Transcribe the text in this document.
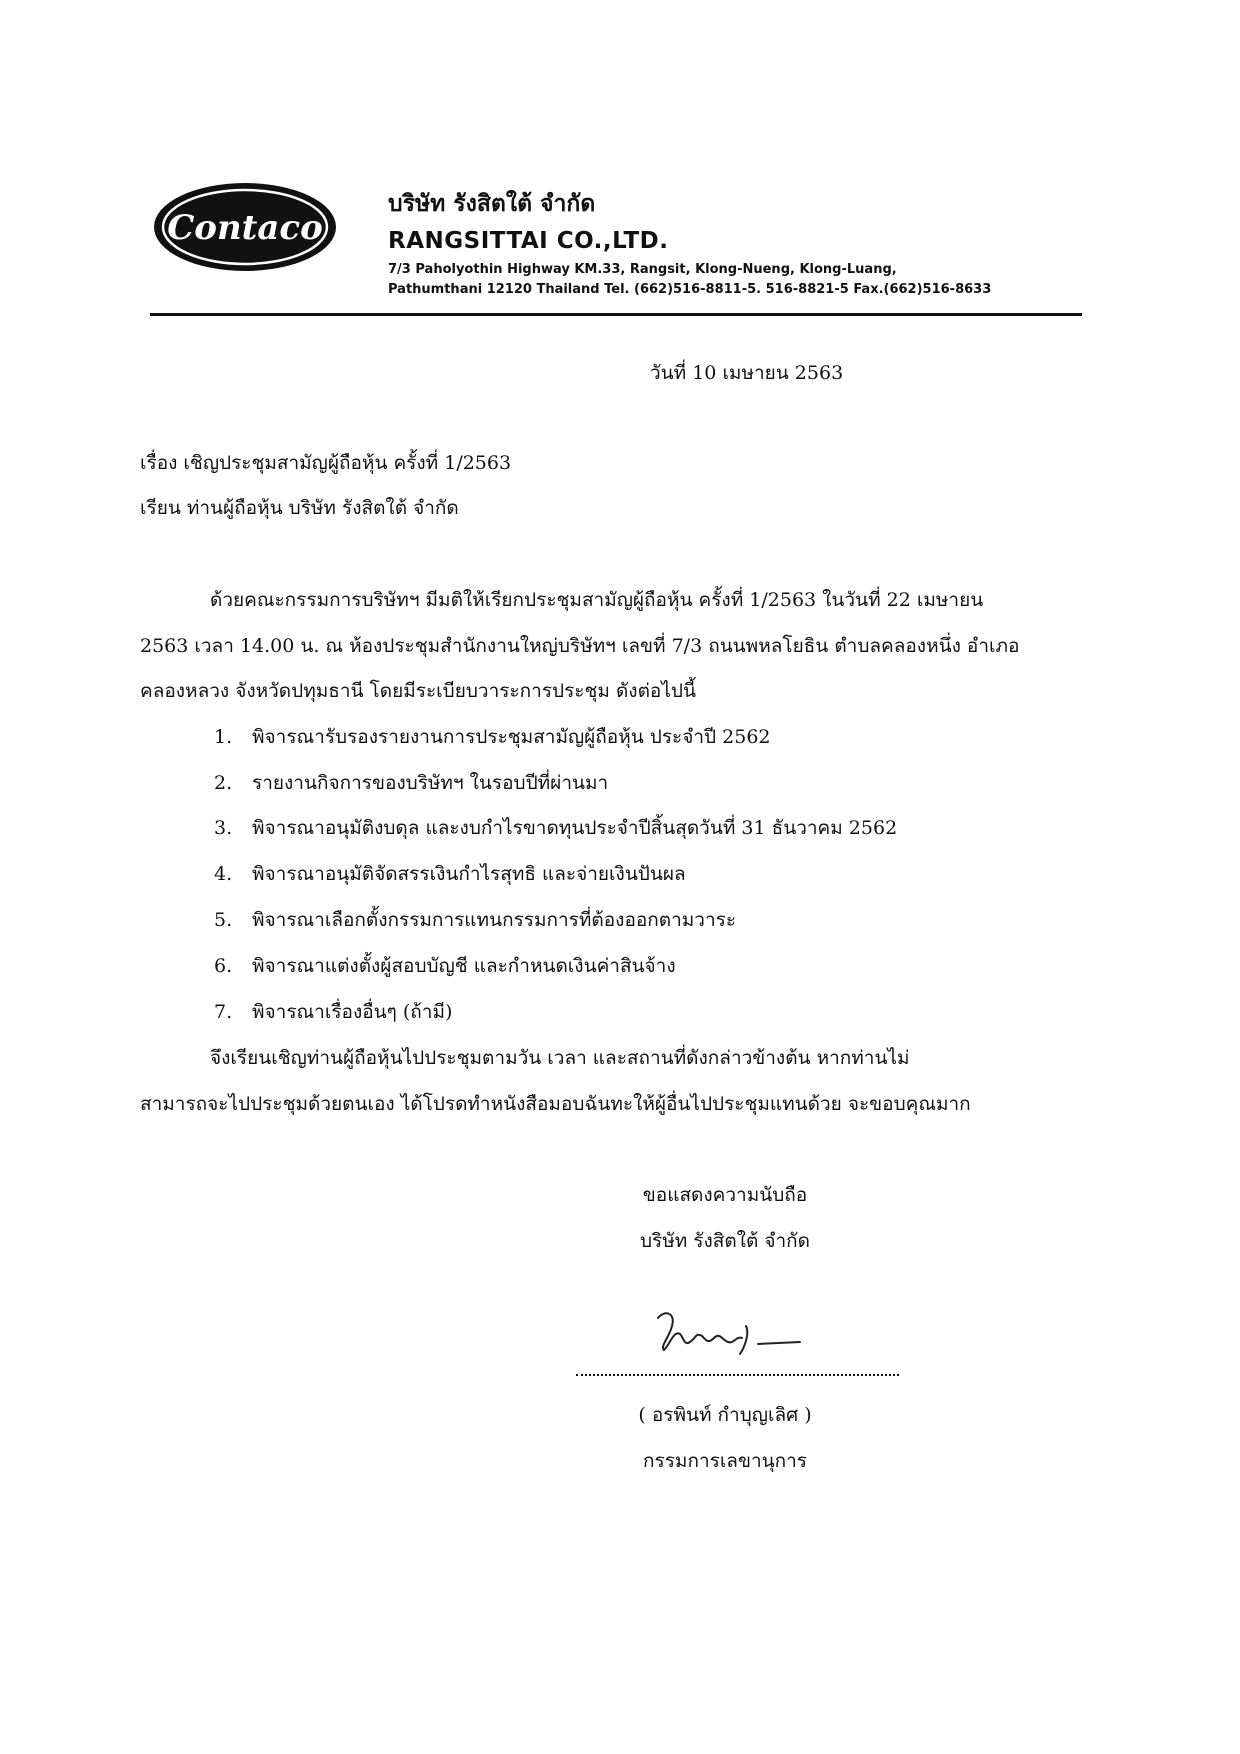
Contaco
บริษัท รังสิตใต้ จำกัด
RANGSITTAI CO.,LTD.
7/3 Paholyothin Highway KM.33, Rangsit, Klong-Nueng, Klong-Luang,
Pathumthani 12120 Thailand Tel. (662)516-8811-5. 516-8821-5 Fax.(662)516-8633
วันที่ 10 เมษายน 2563
เรื่อง เชิญประชุมสามัญผู้ถือหุ้น ครั้งที่ 1/2563
เรียน ท่านผู้ถือหุ้น บริษัท รังสิตใต้ จำกัด
ด้วยคณะกรรมการบริษัทฯ มีมติให้เรียกประชุมสามัญผู้ถือหุ้น ครั้งที่ 1/2563 ในวันที่ 22 เมษายน
2563 เวลา 14.00 น. ณ ห้องประชุมสำนักงานใหญ่บริษัทฯ เลขที่ 7/3 ถนนพหลโยธิน ตำบลคลองหนึ่ง อำเภอ
คลองหลวง จังหวัดปทุมธานี โดยมีระเบียบวาระการประชุม ดังต่อไปนี้
1. พิจารณารับรองรายงานการประชุมสามัญผู้ถือหุ้น ประจำปี 2562
2. รายงานกิจการของบริษัทฯ ในรอบปีที่ผ่านมา
3. พิจารณาอนุมัติงบดุล และงบกำไรขาดทุนประจำปีสิ้นสุดวันที่ 31 ธันวาคม 2562
4. พิจารณาอนุมัติจัดสรรเงินกำไรสุทธิ และจ่ายเงินปันผล
5. พิจารณาเลือกตั้งกรรมการแทนกรรมการที่ต้องออกตามวาระ
6. พิจารณาแต่งตั้งผู้สอบบัญชี และกำหนดเงินค่าสินจ้าง
7. พิจารณาเรื่องอื่นๆ (ถ้ามี)
จึงเรียนเชิญท่านผู้ถือหุ้นไปประชุมตามวัน เวลา และสถานที่ดังกล่าวข้างต้น หากท่านไม่
สามารถจะไปประชุมด้วยตนเอง ได้โปรดทำหนังสือมอบฉันทะให้ผู้อื่นไปประชุมแทนด้วย จะขอบคุณมาก
ขอแสดงความนับถือ
บริษัท รังสิตใต้ จำกัด
( อรพินท์ กำบุญเลิศ )
กรรมการเลขานุการ
